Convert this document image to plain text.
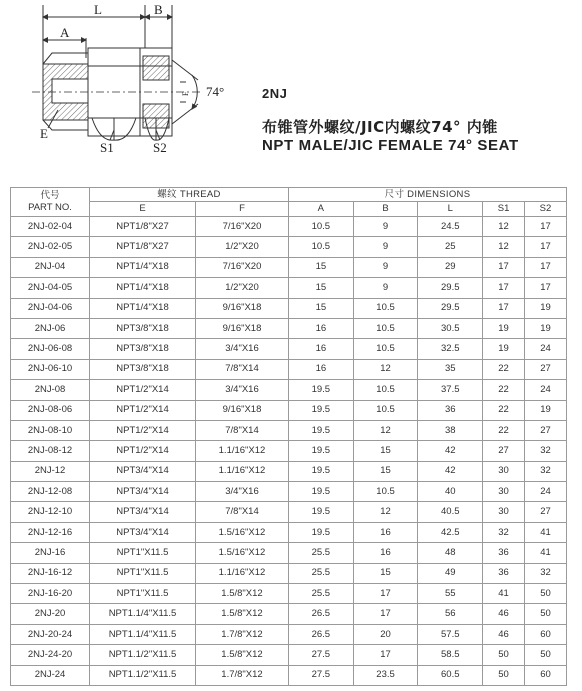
L	B
A
74°
E
S1	S2
F	2NJ
布锥管外螺纹/JIC内螺纹74° 内锥
NPT MALE/JIC FEMALE 74° SEAT
代号
PART NO.	螺纹 THREAD		尺寸 DIMENSIONS				
	E	F	A	B	L	S1	S2
2NJ-02-04	NPT1/8"X27	7/16"X20	10.5	9	24.5	12	17
2NJ-02-05	NPT1/8"X27	1/2"X20	10.5	9	25	12	17
2NJ-04	NPT1/4"X18	7/16"X20	15	9	29	17	17
2NJ-04-05	NPT1/4"X18	1/2"X20	15	9	29.5	17	17
2NJ-04-06	NPT1/4"X18	9/16"X18	15	10.5	29.5	17	19
2NJ-06	NPT3/8"X18	9/16"X18	16	10.5	30.5	19	19
2NJ-06-08	NPT3/8"X18	3/4"X16	16	10.5	32.5	19	24
2NJ-06-10	NPT3/8"X18	7/8"X14	16	12	35	22	27
2NJ-08	NPT1/2"X14	3/4"X16	19.5	10.5	37.5	22	24
2NJ-08-06	NPT1/2"X14	9/16"X18	19.5	10.5	36	22	19
2NJ-08-10	NPT1/2"X14	7/8"X14	19.5	12	38	22	27
2NJ-08-12	NPT1/2"X14	1.1/16"X12	19.5	15	42	27	32
2NJ-12	NPT3/4"X14	1.1/16"X12	19.5	15	42	30	32
2NJ-12-08	NPT3/4"X14	3/4"X16	19.5	10.5	40	30	24
2NJ-12-10	NPT3/4"X14	7/8"X14	19.5	12	40.5	30	27
2NJ-12-16	NPT3/4"X14	1.5/16"X12	19.5	16	42.5	32	41
2NJ-16	NPT1"X11.5	1.5/16"X12	25.5	16	48	36	41
2NJ-16-12	NPT1"X11.5	1.1/16"X12	25.5	15	49	36	32
2NJ-16-20	NPT1"X11.5	1.5/8"X12	25.5	17	55	41	50
2NJ-20	NPT1.1/4"X11.5	1.5/8"X12	26.5	17	56	46	50
2NJ-20-24	NPT1.1/4"X11.5	1.7/8"X12	26.5	20	57.5	46	60
2NJ-24-20	NPT1.1/2"X11.5	1.5/8"X12	27.5	17	58.5	50	50
2NJ-24	NPT1.1/2"X11.5	1.7/8"X12	27.5	23.5	60.5	50	60
